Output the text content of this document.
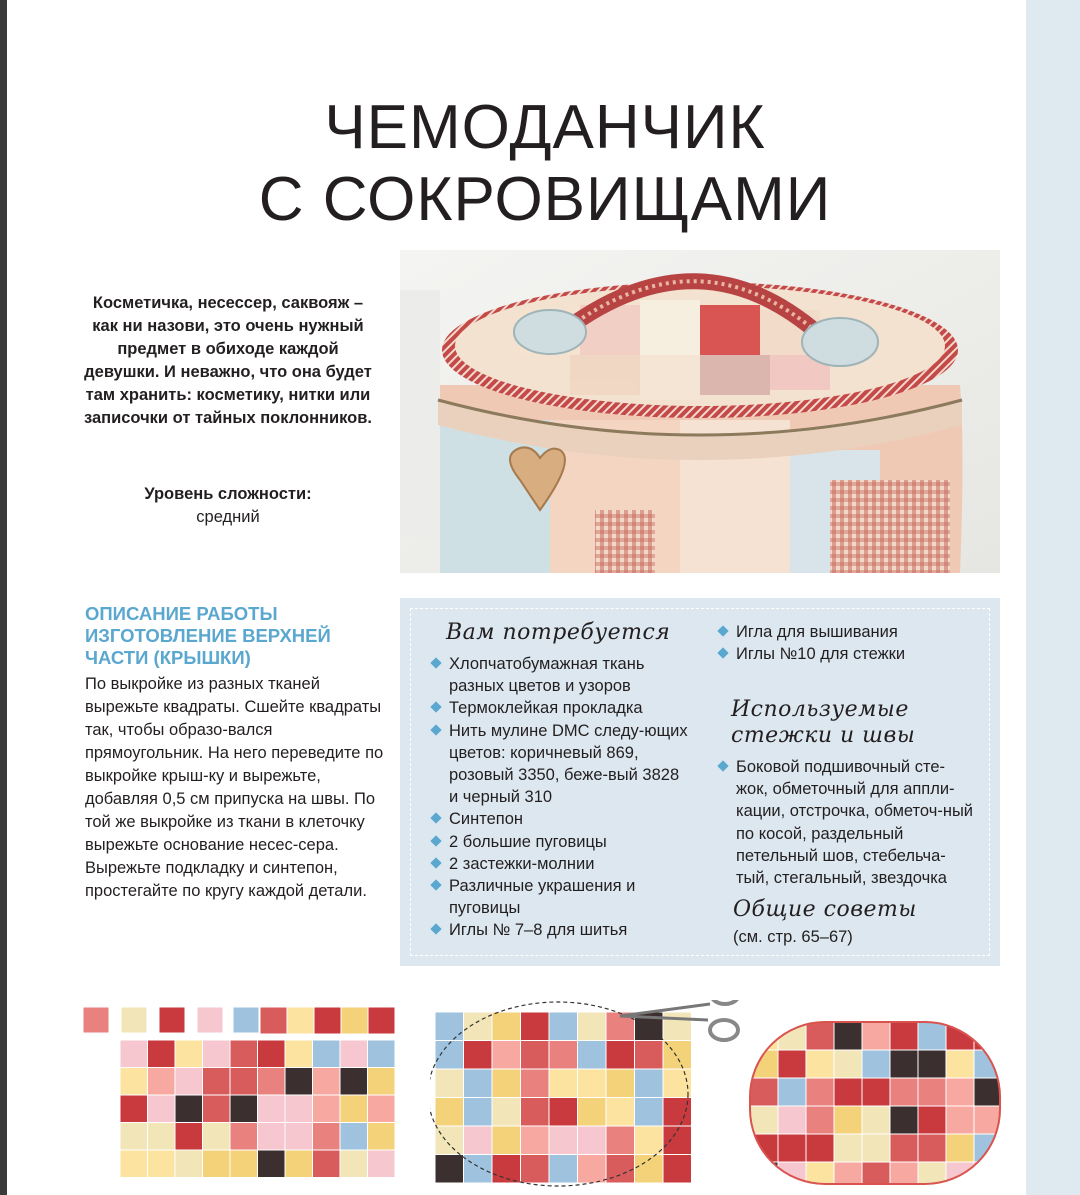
ЧЕМОДАНЧИК
С СОКРОВИЩАМИ
Косметичка, несессер, саквояж – как ни назови, это очень нужный предмет в обиходе каждой девушки. И неважно, что она будет там хранить: косметику, нитки или записочки от тайных поклонников.
Уровень сложности:
средний
ОПИСАНИЕ РАБОТЫ ИЗГОТОВЛЕНИЕ ВЕРХНЕЙ ЧАСТИ (КРЫШКИ)
По выкройке из разных тканей вырежьте квадраты. Сшейте квадраты так, чтобы образо-вался прямоугольник. На него переведите по выкройке крыш-ку и вырежьте, добавляя 0,5 см припуска на швы. По той же выкройке из ткани в клеточку вырежьте основание несес-сера. Вырежьте подкладку и синтепон, простегайте по кругу каждой детали.
Вам потребуется
Хлопчатобумажная ткань разных цветов и узоров
Термоклейкая прокладка
Нить мулине DMC следу-ющих цветов: коричневый 869, розовый 3350, беже-вый 3828 и черный 310
Синтепон
2 большие пуговицы
2 застежки-молнии
Различные украшения и пуговицы
Иглы № 7–8 для шитья
Игла для вышивания
Иглы №10 для стежки
Используемые стежки и швы
Боковой подшивочный сте-жок, обметочный для аппли-кации, отстрочка, обметоч-ный по косой, раздельный петельный шов, стебельча-тый, стегальный, звездочка
Общие советы
(см. стр. 65–67)
